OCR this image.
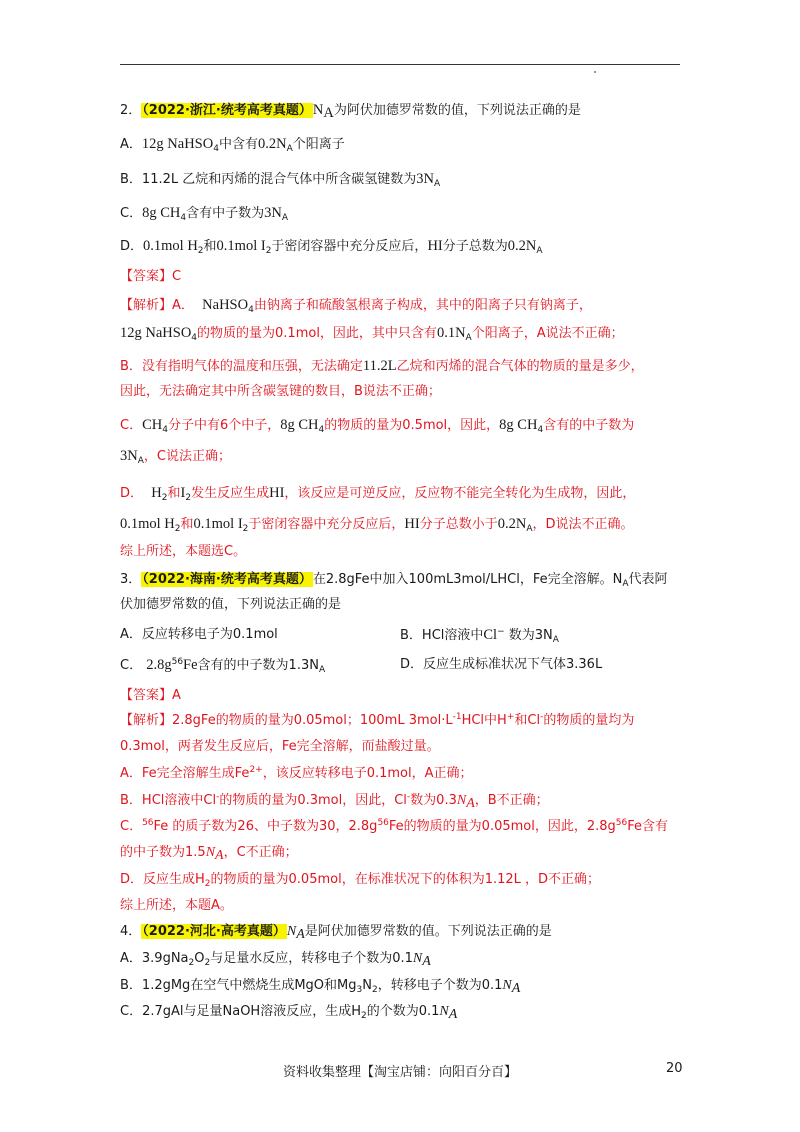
2．（2022·浙江·统考高考真题）$N_A$为阿伏加德罗常数的值，下列说法正确的是
A．12g NaHSO$_4$中含有$0.2N_A$个阳离子
B．11.2L 乙烷和丙烯的混合气体中所含碳氢键数为$3N_A$
C．8g $CH_4$含有中子数为$3N_A$
D．0.1mol $H_2$和0.1mol $I_2$于密闭容器中充分反应后，HI分子总数为$0.2N_A$
【答案】C
【解析】A． NaHSO$_4$由钠离子和硫酸氢根离子构成，其中的阳离子只有钠离子，
12g NaHSO$_4$的物质的量为0.1mol，因此，其中只含有$0.1N_A$个阳离子，A说法不正确；
B．没有指明气体的温度和压强，无法确定11.2L乙烷和丙烯的混合气体的物质的量是多少，
因此，无法确定其中所含碳氢键的数目，B说法不正确；
C．$CH_4$分子中有6个中子，8g $CH_4$的物质的量为0.5mol，因此，8g $CH_4$含有的中子数为
$3N_A$，C说法正确；
D． $H_2$和$I_2$发生反应生成HI，该反应是可逆反应，反应物不能完全转化为生成物，因此，
0.1mol $H_2$和0.1mol $I_2$于密闭容器中充分反应后，HI分子总数小于$0.2N_A$，D说法不正确。
综上所述，本题选C。
3．（2022·海南·统考高考真题）在2.8gFe中加入100mL3mol/LHCl，Fe完全溶解。$N_A$代表阿
伏加德罗常数的值，下列说法正确的是
A．反应转移电子为0.1mol	B．HCl溶液中Cl− 数为$3N_A$
C． $2.8g^{56}Fe$含有的中子数为$1.3N_A$	D．反应生成标准状况下气体3.36L
【答案】A
【解析】2.8gFe的物质的量为0.05mol；100mL $3mol\cdot L^{-1}HCl$中H+和Cl-的物质的量均为
0.3mol，两者发生反应后，Fe完全溶解，而盐酸过量。
A．Fe完全溶解生成$Fe^{2+}$，该反应转移电子0.1mol，A正确；
B．HCl溶液中Cl-的物质的量为0.3mol，因此，Cl-数为$0.3N_A$，B不正确；
C．$^{56}$Fe 的质子数为26、中子数为30，$2.8g^{56}Fe$的物质的量为0.05mol，因此，$2.8g^{56}Fe$含有
的中子数为$1.5N_A$，C不正确；
D．反应生成$H_2$的物质的量为0.05mol，在标准状况下的体积为1.12L ，D不正确；
综上所述，本题A。
4．（2022·河北·高考真题）$N_A$是阿伏加德罗常数的值。下列说法正确的是
A．$3.9gNa_2O_2$与足量水反应，转移电子个数为$0.1N_A$
B．1.2gMg在空气中燃烧生成MgO和$Mg_3N_2$，转移电子个数为$0.1N_A$
C．2.7gAl与足量NaOH溶液反应，生成$H_2$的个数为$0.1N_A$
资料收集整理【淘宝店铺：向阳百分百】	20
